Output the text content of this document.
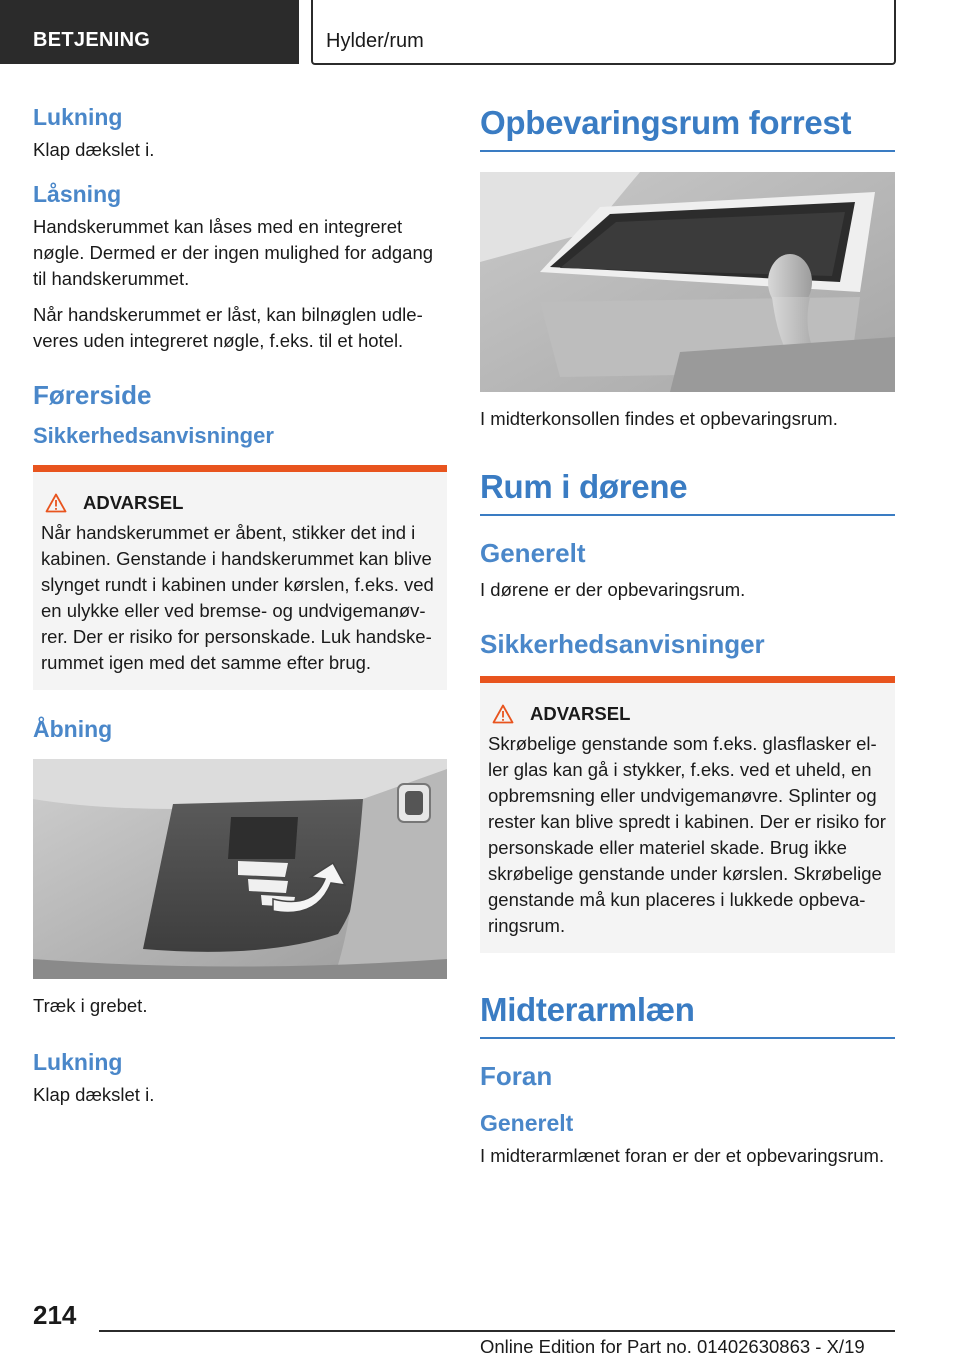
BETJENING	Hylder/rum
Lukning

Klap dækslet i.

Låsning

Handskerummet kan låses med en integreret nøgle. Dermed er der ingen mulighed for adgang til handskerummet.

Når handskerummet er låst, kan bilnøglen udleveres uden integreret nøgle, f.eks. til et hotel.

Førerside
Sikkerhedsanvisninger
ADVARSEL

Når handskerummet er åbent, stikker det ind i kabinen. Genstande i handskerummet kan blive slynget rundt i kabinen under kørslen, f.eks. ved en ulykke eller ved bremse- og undvigemanøvrer. Der er risiko for personskade. Luk handskerummet igen med det samme efter brug.

Åbning

Træk i grebet.

Lukning

Klap dækslet i.

Opbevaringsrum forrest

I midterkonsollen findes et opbevaringsrum.

Rum i dørene
Generelt

I dørene er der opbevaringsrum.

Sikkerhedsanvisninger
ADVARSEL

Skrøbelige genstande som f.eks. glasflasker eller glas kan gå i stykker, f.eks. ved et uheld, en opbremsning eller undvigemanøvre. Splinter og rester kan blive spredt i kabinen. Der er risiko for personskade eller materiel skade. Brug ikke skrøbelige genstande under kørslen. Skrøbelige genstande må kun placeres i lukkede opbevaringsrum.

Midterarmlæn
Foran
Generelt

I midterarmlænet foran er der et opbevaringsrum.

214
Online Edition for Part no. 01402630863 - X/19
